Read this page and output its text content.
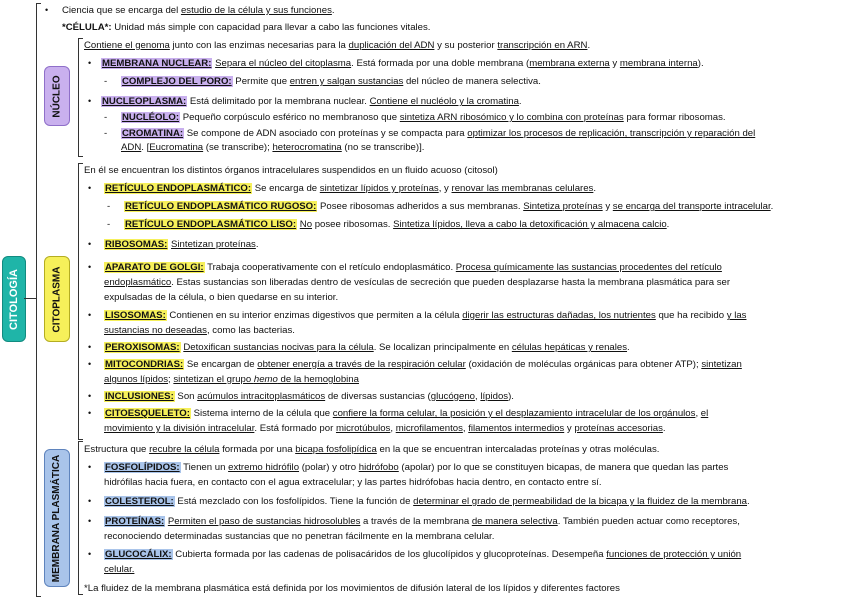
CITOLOGÍA
NÚCLEO
CITOPLASMA
MEMBRANA PLASMÁTICA
• Ciencia que se encarga del estudio de la célula y sus funciones.
*CÉLULA*: Unidad más simple con capacidad para llevar a cabo las funciones vitales.
Contiene el genoma junto con las enzimas necesarias para la duplicación del ADN y su posterior transcripción en ARN.
• MEMBRANA NUCLEAR: Separa el núcleo del citoplasma. Está formada por una doble membrana (membrana externa y membrana interna).
- COMPLEJO DEL PORO: Permite que entren y salgan sustancias del núcleo de manera selectiva.
• NUCLEOPLASMA: Está delimitado por la membrana nuclear. Contiene el nucléolo y la cromatina.
- NUCLÉOLO: Pequeño corpúsculo esférico no membranoso que sintetiza ARN ribosómico y lo combina con proteínas para formar ribosomas.
- CROMATINA: Se compone de ADN asociado con proteínas y se compacta para optimizar los procesos de replicación, transcripción y reparación del
ADN. [Eucromatina (se transcribe); heterocromatina (no se transcribe)].
En él se encuentran los distintos órganos intracelulares suspendidos en un fluido acuoso (citosol)
• RETÍCULO ENDOPLASMÁTICO: Se encarga de sintetizar lípidos y proteínas, y renovar las membranas celulares.
- RETÍCULO ENDOPLASMÁTICO RUGOSO: Posee ribosomas adheridos a sus membranas. Sintetiza proteínas y se encarga del transporte intracelular.
- RETÍCULO ENDOPLASMÁTICO LISO: No posee ribosomas. Sintetiza lípidos, lleva a cabo la detoxificación y almacena calcio.
• RIBOSOMAS: Sintetizan proteínas.
• APARATO DE GOLGI: Trabaja cooperativamente con el retículo endoplasmático. Procesa químicamente las sustancias procedentes del retículo
endoplasmático. Estas sustancias son liberadas dentro de vesículas de secreción que pueden desplazarse hasta la membrana plasmática para ser
expulsadas de la célula, o bien quedarse en su interior.
• LISOSOMAS: Contienen en su interior enzimas digestivos que permiten a la célula digerir las estructuras dañadas, los nutrientes que ha recibido y las
sustancias no deseadas, como las bacterias.
• PEROXISOMAS: Detoxifican sustancias nocivas para la célula. Se localizan principalmente en células hepáticas y renales.
• MITOCONDRIAS: Se encargan de obtener energía a través de la respiración celular (oxidación de moléculas orgánicas para obtener ATP); sintetizan
algunos lípidos; sintetizan el grupo hemo de la hemoglobina
• INCLUSIONES: Son acúmulos intracitoplasmáticos de diversas sustancias (glucógeno, lípidos).
• CITOESQUELETO: Sistema interno de la célula que confiere la forma celular, la posición y el desplazamiento intracelular de los orgánulos, el
movimiento y la división intracelular. Está formado por microtúbulos, microfilamentos, filamentos intermedios y proteínas accesorias.
Estructura que recubre la célula formada por una bicapa fosfolipídica en la que se encuentran intercaladas proteínas y otras moléculas.
• FOSFOLÍPIDOS: Tienen un extremo hidrófilo (polar) y otro hidrófobo (apolar) por lo que se constituyen bicapas, de manera que quedan las partes
hidrófilas hacia fuera, en contacto con el agua extracelular; y las partes hidrófobas hacia dentro, en contacto entre sí.
• COLESTEROL: Está mezclado con los fosfolípidos. Tiene la función de determinar el grado de permeabilidad de la bicapa y la fluidez de la membrana.
• PROTEÍNAS: Permiten el paso de sustancias hidrosolubles a través de la membrana de manera selectiva. También pueden actuar como receptores,
reconociendo determinadas sustancias que no penetran fácilmente en la membrana celular.
• GLUCOCÁLIX: Cubierta formada por las cadenas de polisacáridos de los glucolípidos y glucoproteínas. Desempeña funciones de protección y unión
celular.
*La fluidez de la membrana plasmática está definida por los movimientos de difusión lateral de los lípidos y diferentes factores
